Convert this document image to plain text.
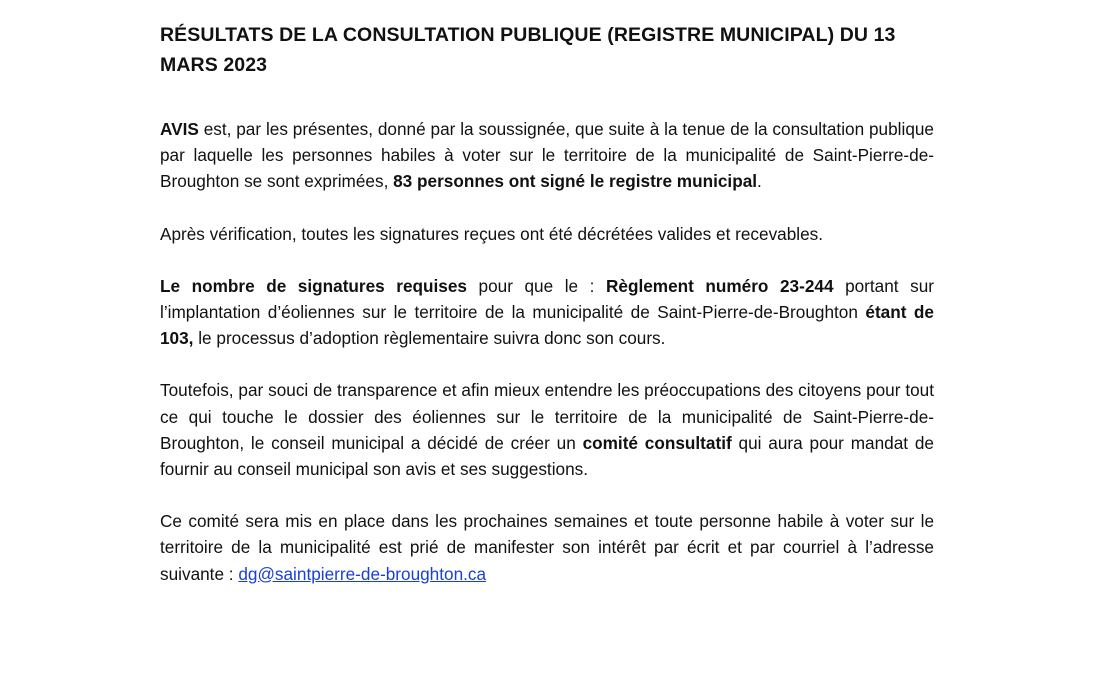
RÉSULTATS DE LA CONSULTATION PUBLIQUE (REGISTRE MUNICIPAL) DU 13 MARS 2023

AVIS est, par les présentes, donné par la soussignée, que suite à la tenue de la consultation publique par laquelle les personnes habiles à voter sur le territoire de la municipalité de Saint-Pierre-de-Broughton se sont exprimées, 83 personnes ont signé le registre municipal.

Après vérification, toutes les signatures reçues ont été décrétées valides et recevables.

Le nombre de signatures requises pour que le : Règlement numéro 23-244 portant sur l’implantation d’éoliennes sur le territoire de la municipalité de Saint-Pierre-de-Broughton étant de 103, le processus d’adoption règlementaire suivra donc son cours.

Toutefois, par souci de transparence et afin mieux entendre les préoccupations des citoyens pour tout ce qui touche le dossier des éoliennes sur le territoire de la municipalité de Saint-Pierre-de-Broughton, le conseil municipal a décidé de créer un comité consultatif qui aura pour mandat de fournir au conseil municipal son avis et ses suggestions.

Ce comité sera mis en place dans les prochaines semaines et toute personne habile à voter sur le territoire de la municipalité est prié de manifester son intérêt par écrit et par courriel à l’adresse suivante : dg@saintpierre-de-broughton.ca
